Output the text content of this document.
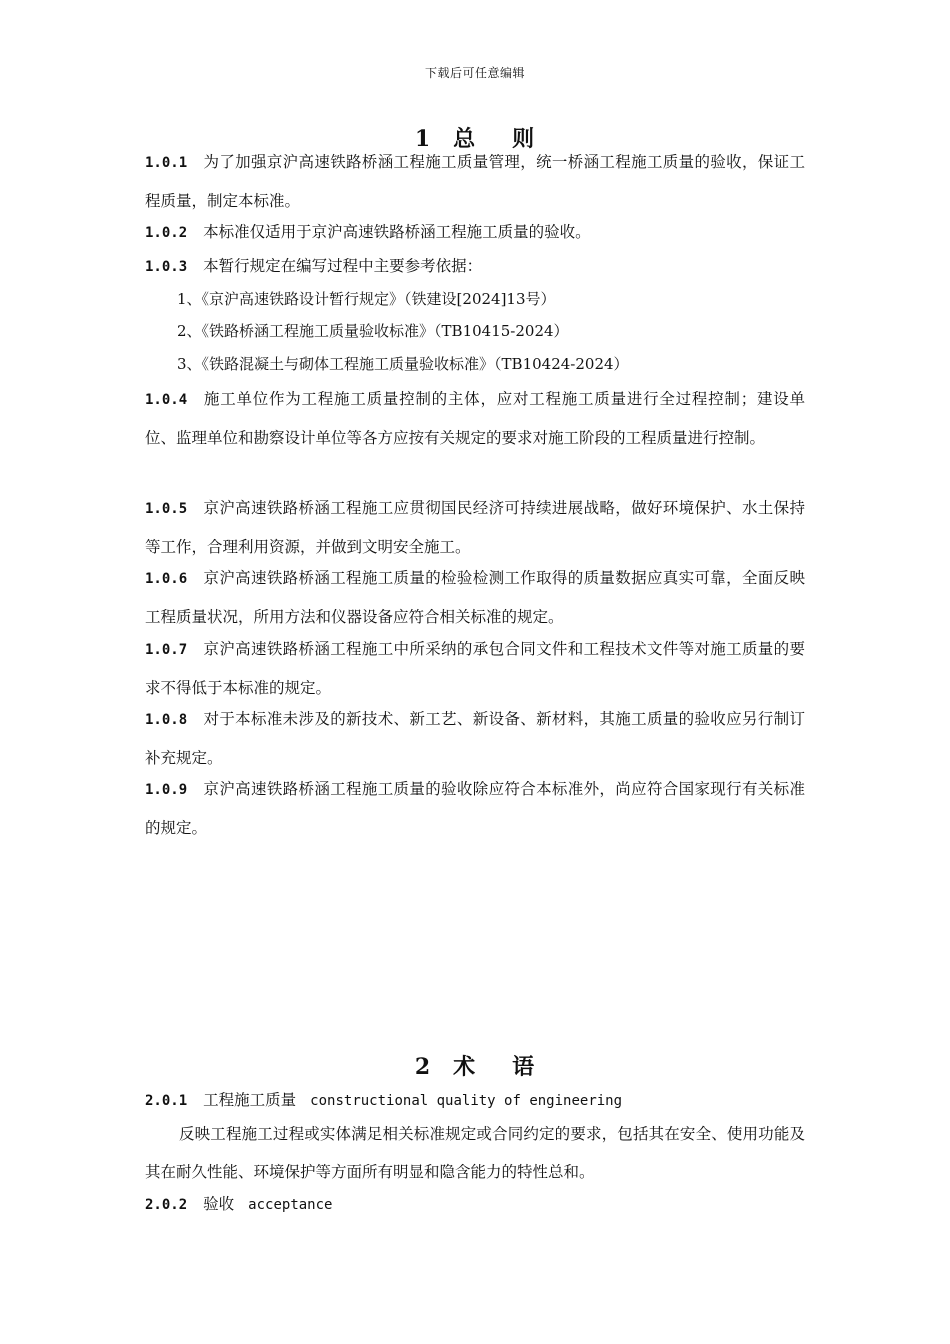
下载后可任意编辑
1 总 则

1.0.1 为了加强京沪高速铁路桥涵工程施工质量管理，统一桥涵工程施工质量的验收，保证工程质量，制定本标准。

1.0.2 本标准仅适用于京沪高速铁路桥涵工程施工质量的验收。

1.0.3 本暂行规定在编写过程中主要参考依据：

1、《京沪高速铁路设计暂行规定》（铁建设[2024]13号）

2、《铁路桥涵工程施工质量验收标准》（TB10415-2024）

3、《铁路混凝土与砌体工程施工质量验收标准》（TB10424-2024）

1.0.4 施工单位作为工程施工质量控制的主体，应对工程施工质量进行全过程控制；建设单位、监理单位和勘察设计单位等各方应按有关规定的要求对施工阶段的工程质量进行控制。

1.0.5 京沪高速铁路桥涵工程施工应贯彻国民经济可持续进展战略，做好环境保护、水土保持等工作，合理利用资源，并做到文明安全施工。

1.0.6 京沪高速铁路桥涵工程施工质量的检验检测工作取得的质量数据应真实可靠，全面反映工程质量状况，所用方法和仪器设备应符合相关标准的规定。

1.0.7 京沪高速铁路桥涵工程施工中所采纳的承包合同文件和工程技术文件等对施工质量的要求不得低于本标准的规定。

1.0.8 对于本标准未涉及的新技术、新工艺、新设备、新材料，其施工质量的验收应另行制订补充规定。

1.0.9 京沪高速铁路桥涵工程施工质量的验收除应符合本标准外，尚应符合国家现行有关标准的规定。

2 术 语

2.0.1 工程施工质量 constructional quality of engineering

反映工程施工过程或实体满足相关标准规定或合同约定的要求，包括其在安全、使用功能及其在耐久性能、环境保护等方面所有明显和隐含能力的特性总和。

2.0.2 验收 acceptance
